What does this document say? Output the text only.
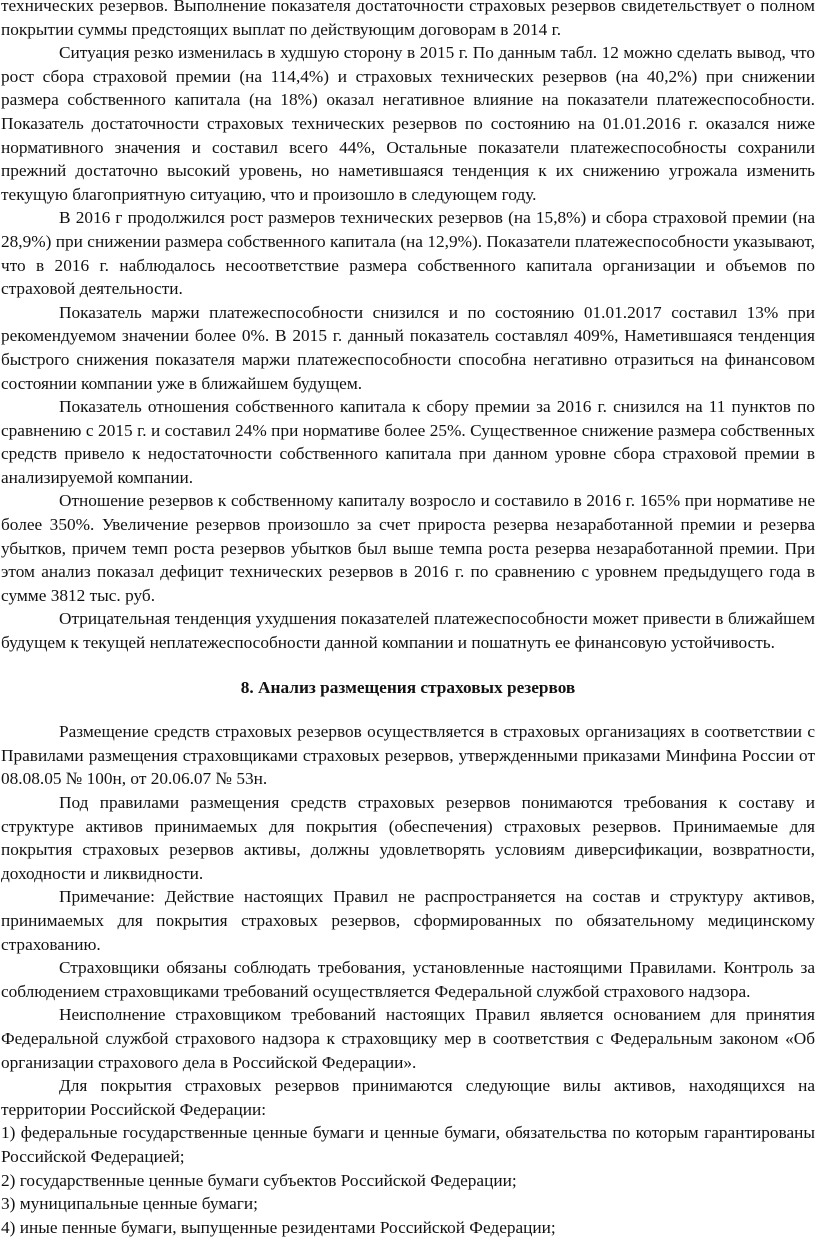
технических резервов. Выполнение показателя достаточности страховых резервов свидетельствует о полном покрытии суммы предстоящих выплат по действующим договорам в 2014 г.

Ситуация резко изменилась в худшую сторону в 2015 г. По данным табл. 12 можно сделать вывод, что рост сбора страховой премии (на 114,4%) и страховых технических резервов (на 40,2%) при снижении размера собственного капитала (на 18%) оказал негативное влияние на показатели платежеспособности. Показатель достаточности страховых технических резервов по состоянию на 01.01.2016 г. оказался ниже нормативного значения и составил всего 44%, Остальные показатели платежеспособносты сохранили прежний достаточно высокий уровень, но наметившаяся тенденция к их снижению угрожала изменить текущую благоприятную ситуацию, что и произошло в следующем году.

В 2016 г продолжился рост размеров технических резервов (на 15,8%) и сбора страховой премии (на 28,9%) при снижении размера собственного капитала (на 12,9%). Показатели платежеспособности указывают, что в 2016 г. наблюдалось несоответствие размера собственного капитала организации и объемов по страховой деятельности.

Показатель маржи платежеспособности снизился и по состоянию 01.01.2017 составил 13% при рекомендуемом значении более 0%. В 2015 г. данный показатель составлял 409%, Наметившаяся тенденция быстрого снижения показателя маржи платежеспособности способна негативно отразиться на финансовом состоянии компании уже в ближайшем будущем.

Показатель отношения собственного капитала к сбору премии за 2016 г. снизился на 11 пунктов по сравнению с 2015 г. и составил 24% при нормативе более 25%. Существенное снижение размера собственных средств привело к недостаточности собственного капитала при данном уровне сбора страховой премии в анализируемой компании.

Отношение резервов к собственному капиталу возросло и составило в 2016 г. 165% при нормативе не более 350%. Увеличение резервов произошло за счет прироста резерва незаработанной премии и резерва убытков, причем темп роста резервов убытков был выше темпа роста резерва незаработанной премии. При этом анализ показал дефицит технических резервов в 2016 г. по сравнению с уровнем предыдущего года в сумме 3812 тыс. руб.

Отрицательная тенденция ухудшения показателей платежеспособности может привести в ближайшем будущем к текущей неплатежеспособности данной компании и пошатнуть ее финансовую устойчивость.

8. Анализ размещения страховых резервов

Размещение средств страховых резервов осуществляется в страховых организациях в соответствии с Правилами размещения страховщиками страховых резервов, утвержденными приказами Минфина России от 08.08.05 № 100н, от 20.06.07 № 53н.

Под правилами размещения средств страховых резервов понимаются требования к составу и структуре активов принимаемых для покрытия (обеспечения) страховых резервов. Принимаемые для покрытия страховых резервов активы, должны удовлетворять условиям диверсификации, возвратности, доходности и ликвидности.

Примечание: Действие настоящих Правил не распространяется на состав и структуру активов, принимаемых для покрытия страховых резервов, сформированных по обязательному медицинскому страхованию.

Страховщики обязаны соблюдать требования, установленные настоящими Правилами. Контроль за соблюдением страховщиками требований осуществляется Федеральной службой страхового надзора.

Неисполнение страховщиком требований настоящих Правил является основанием для принятия Федеральной службой страхового надзора к страховщику мер в соответствия с Федеральным законом «Об организации страхового дела в Российской Федерации».

Для покрытия страховых резервов принимаются следующие вилы активов, находящихся на территории Российской Федерации:

1) федеральные государственные ценные бумаги и ценные бумаги, обязательства по которым гарантированы Российской Федерацией;

2) государственные ценные бумаги субъектов Российской Федерации;

3) муниципальные ценные бумаги;

4) иные пенные бумаги, выпущенные резидентами Российской Федерации;
